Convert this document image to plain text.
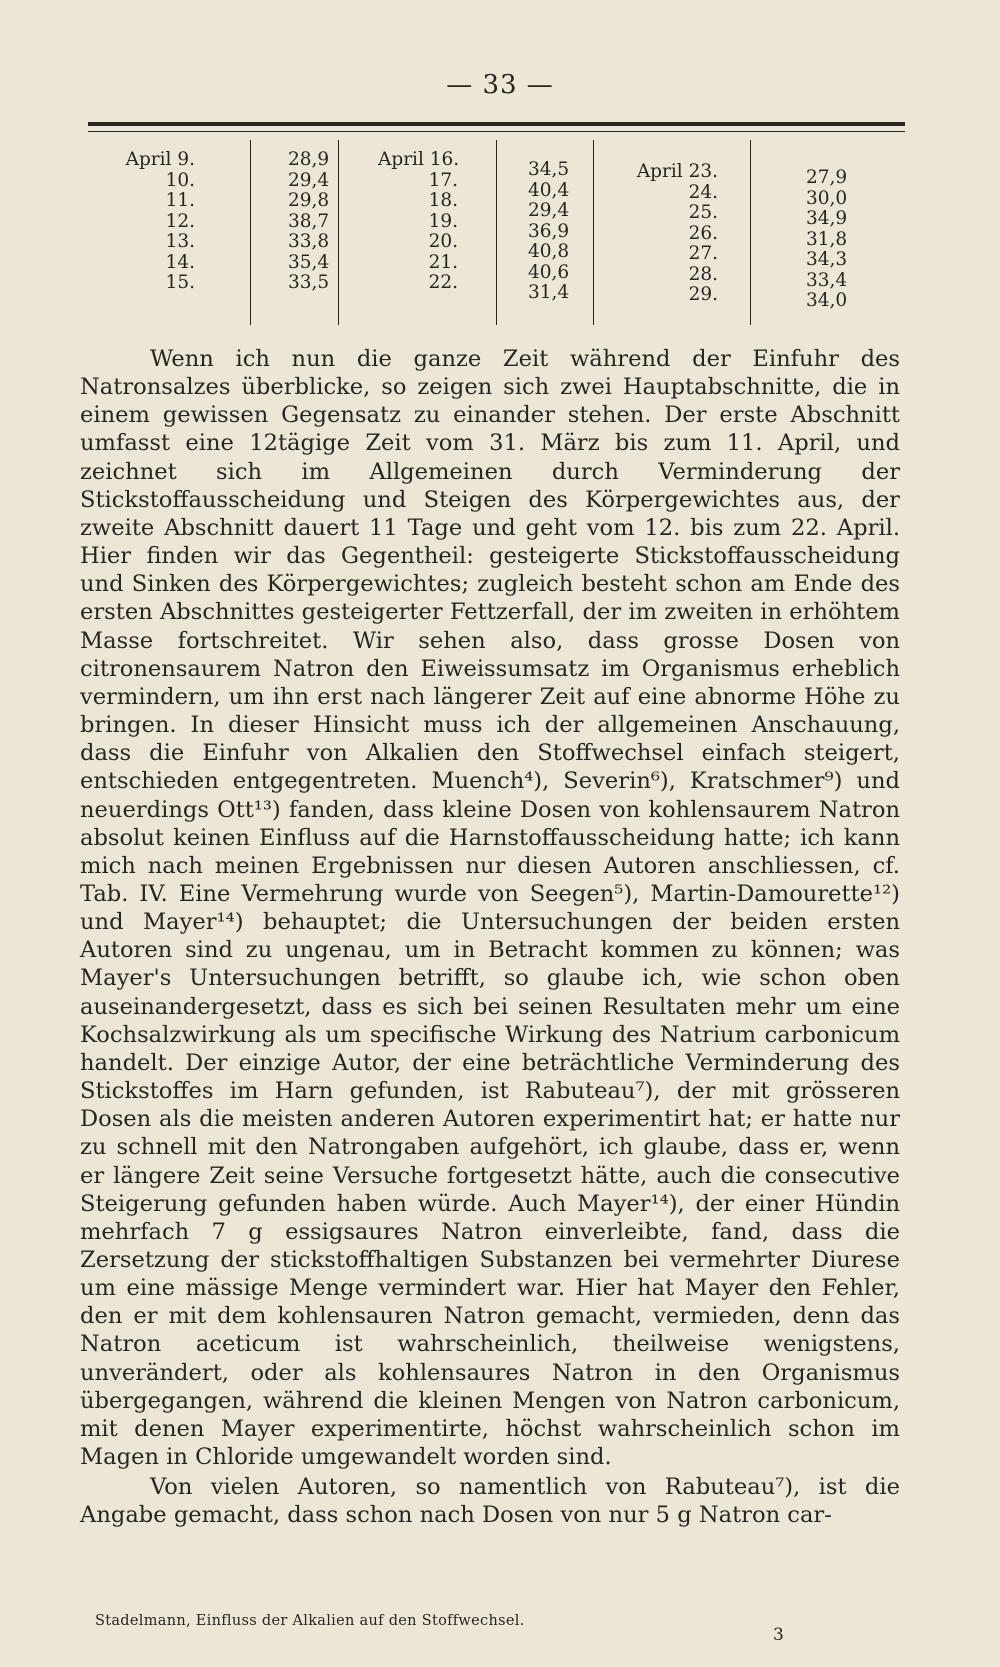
— 33 —
April 9.
10.
11.
12.
13.
14.
15.
28,9
29,4
29,8
38,7
33,8
35,4
33,5
April 16.
17.
18.
19.
20.
21.
22.
34,5
40,4
29,4
36,9
40,8
40,6
31,4
April 23.
24.
25.
26.
27.
28.
29.
27,9
30,0
34,9
31,8
34,3
33,4
34,0

Wenn ich nun die ganze Zeit während der Einfuhr des Natronsalzes überblicke, so zeigen sich zwei Hauptabschnitte, die in einem gewissen Gegensatz zu einander stehen. Der erste Abschnitt umfasst eine 12tägige Zeit vom 31. März bis zum 11. April, und zeichnet sich im Allgemeinen durch Verminderung der Stickstoffausscheidung und Steigen des Körpergewichtes aus, der zweite Abschnitt dauert 11 Tage und geht vom 12. bis zum 22. April. Hier finden wir das Gegentheil: gesteigerte Stickstoffausscheidung und Sinken des Körpergewichtes; zugleich besteht schon am Ende des ersten Abschnittes gesteigerter Fettzerfall, der im zweiten in erhöhtem Masse fortschreitet. Wir sehen also, dass grosse Dosen von citronensaurem Natron den Eiweissumsatz im Organismus erheblich vermindern, um ihn erst nach längerer Zeit auf eine abnorme Höhe zu bringen. In dieser Hinsicht muss ich der allgemeinen Anschauung, dass die Einfuhr von Alkalien den Stoffwechsel einfach steigert, entschieden entgegentreten. Muench⁴), Severin⁶), Kratschmer⁹) und neuerdings Ott¹³) fanden, dass kleine Dosen von kohlensaurem Natron absolut keinen Einfluss auf die Harnstoffausscheidung hatte; ich kann mich nach meinen Ergebnissen nur diesen Autoren anschliessen, cf. Tab. IV. Eine Vermehrung wurde von Seegen⁵), Martin-Damourette¹²) und Mayer¹⁴) behauptet; die Untersuchungen der beiden ersten Autoren sind zu ungenau, um in Betracht kommen zu können; was Mayer's Untersuchungen betrifft, so glaube ich, wie schon oben auseinandergesetzt, dass es sich bei seinen Resultaten mehr um eine Kochsalzwirkung als um specifische Wirkung des Natrium carbonicum handelt. Der einzige Autor, der eine beträchtliche Verminderung des Stickstoffes im Harn gefunden, ist Rabuteau⁷), der mit grösseren Dosen als die meisten anderen Autoren experimentirt hat; er hatte nur zu schnell mit den Natrongaben aufgehört, ich glaube, dass er, wenn er längere Zeit seine Versuche fortgesetzt hätte, auch die consecutive Steigerung gefunden haben würde. Auch Mayer¹⁴), der einer Hündin mehrfach 7 g essigsaures Natron einverleibte, fand, dass die Zersetzung der stickstoffhaltigen Substanzen bei vermehrter Diurese um eine mässige Menge vermindert war. Hier hat Mayer den Fehler, den er mit dem kohlensauren Natron gemacht, vermieden, denn das Natron aceticum ist wahrscheinlich, theilweise wenigstens, unverändert, oder als kohlensaures Natron in den Organismus übergegangen, während die kleinen Mengen von Natron carbonicum, mit denen Mayer experimentirte, höchst wahrscheinlich schon im Magen in Chloride umgewandelt worden sind.

Von vielen Autoren, so namentlich von Rabuteau⁷), ist die Angabe gemacht, dass schon nach Dosen von nur 5 g Natron car-

Stadelmann, Einfluss der Alkalien auf den Stoffwechsel.
3
